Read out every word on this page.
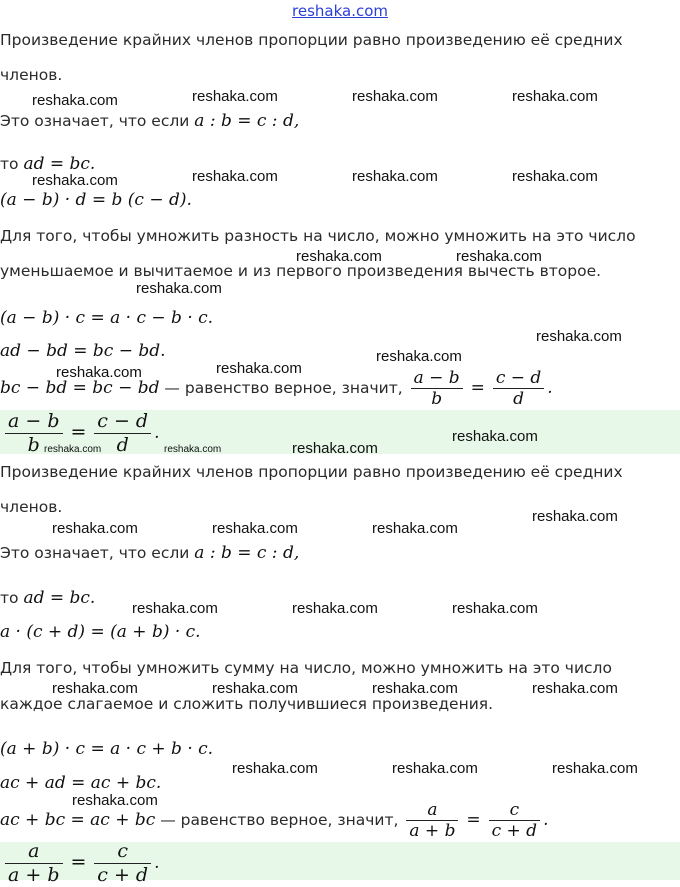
reshaka.com
Произведение крайних членов пропорции равно произведению её средних
членов.
Это означает, что если a : b = c : d,
то ad = bc.
(a − b) · d = b (c − d).
Для того, чтобы умножить разность на число, можно умножить на это число
уменьшаемое и вычитаемое и из первого произведения вычесть второе.
(a − b) · c = a · c − b · c.
ad − bd = bc − bd.
bc − bd = bc − bd — равенство верное, значит, $\frac{a - b}{b} = \frac{c - d}{d}$ .
$\frac{a - b}{b} = \frac{c - d}{d}$ .
Произведение крайних членов пропорции равно произведению её средних
членов.
Это означает, что если a : b = c : d,
то ad = bc.
a · (c + d) = (a + b) · c.
Для того, чтобы умножить сумму на число, можно умножить на это число
каждое слагаемое и сложить получившиеся произведения.
(a + b) · c = a · c + b · c.
ac + ad = ac + bc.
ac + bc = ac + bc — равенство верное, значит, $\frac{a}{a + b} = \frac{c}{c + d}$ .
$\frac{a}{a + b} = \frac{c}{c + d}$ .
reshaka.com	reshaka.com	reshaka.com	reshaka.com
reshaka.com	reshaka.com	reshaka.com	reshaka.com
reshaka.com	reshaka.com
reshaka.com
reshaka.com
reshaka.com
reshaka.com
reshaka.com
reshaka.com
reshaka.com
reshaka.com	reshaka.com
reshaka.com
reshaka.com	reshaka.com	reshaka.com
reshaka.com	reshaka.com	reshaka.com
reshaka.com	reshaka.com	reshaka.com	reshaka.com
reshaka.com	reshaka.com	reshaka.com
reshaka.com
